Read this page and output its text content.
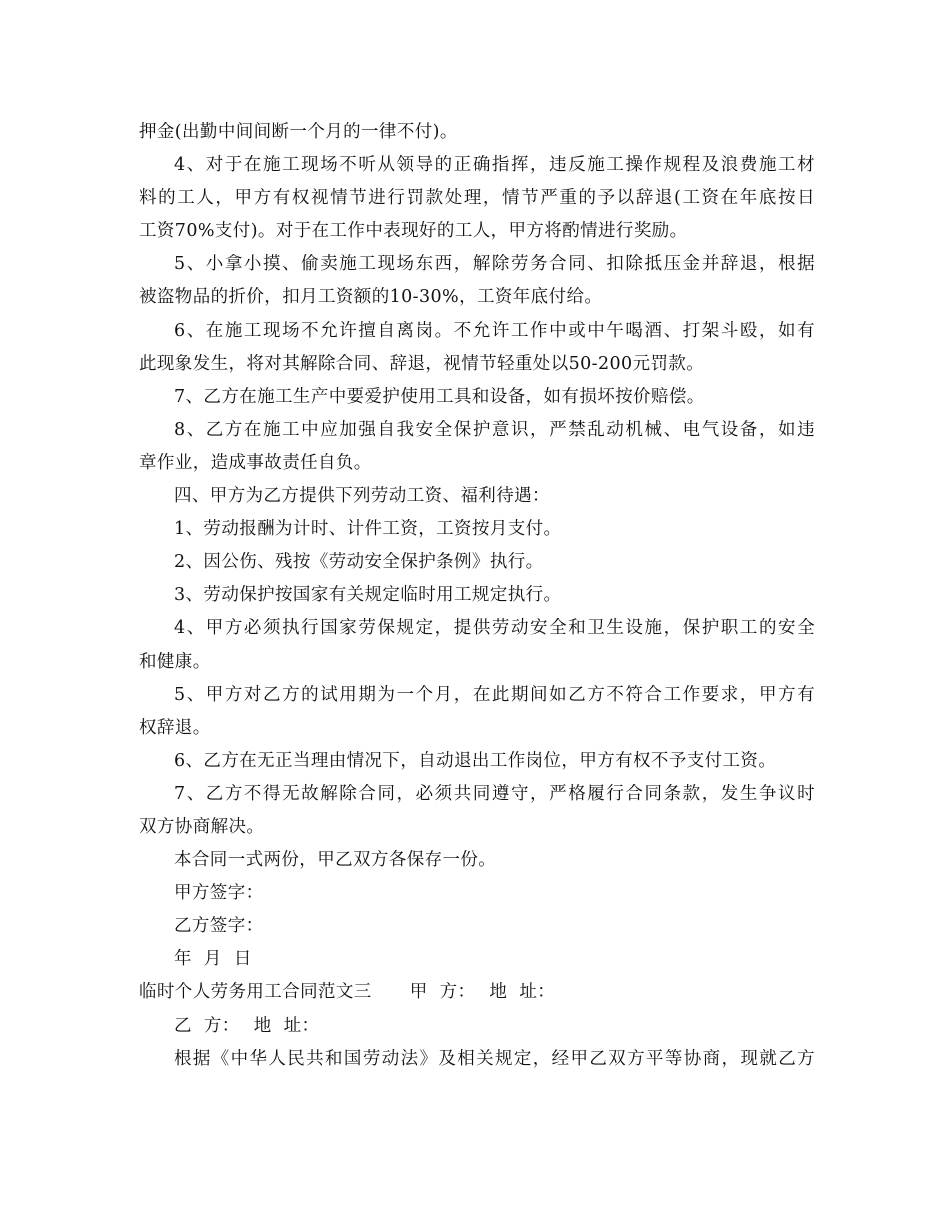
押金(出勤中间间断一个月的一律不付)。
4、对于在施工现场不听从领导的正确指挥，违反施工操作规程及浪费施工材
料的工人，甲方有权视情节进行罚款处理，情节严重的予以辞退(工资在年底按日
工资70%支付)。对于在工作中表现好的工人，甲方将酌情进行奖励。
5、小拿小摸、偷卖施工现场东西，解除劳务合同、扣除抵压金并辞退，根据
被盗物品的折价，扣月工资额的10-30%，工资年底付给。
6、在施工现场不允许擅自离岗。不允许工作中或中午喝酒、打架斗殴，如有
此现象发生，将对其解除合同、辞退，视情节轻重处以50-200元罚款。
7、乙方在施工生产中要爱护使用工具和设备，如有损坏按价赔偿。
8、乙方在施工中应加强自我安全保护意识，严禁乱动机械、电气设备，如违
章作业，造成事故责任自负。
四、甲方为乙方提供下列劳动工资、福利待遇：
1、劳动报酬为计时、计件工资，工资按月支付。
2、因公伤、残按《劳动安全保护条例》执行。
3、劳动保护按国家有关规定临时用工规定执行。
4、甲方必须执行国家劳保规定，提供劳动安全和卫生设施，保护职工的安全
和健康。
5、甲方对乙方的试用期为一个月，在此期间如乙方不符合工作要求，甲方有
权辞退。
6、乙方在无正当理由情况下，自动退出工作岗位，甲方有权不予支付工资。
7、乙方不得无故解除合同，必须共同遵守，严格履行合同条款，发生争议时
双方协商解决。
本合同一式两份，甲乙双方各保存一份。
甲方签字：
乙方签字：
年 月 日
临时个人劳务用工合同范文三 甲 方： 地 址：
乙 方： 地 址：
根据《中华人民共和国劳动法》及相关规定，经甲乙双方平等协商，现就乙方
